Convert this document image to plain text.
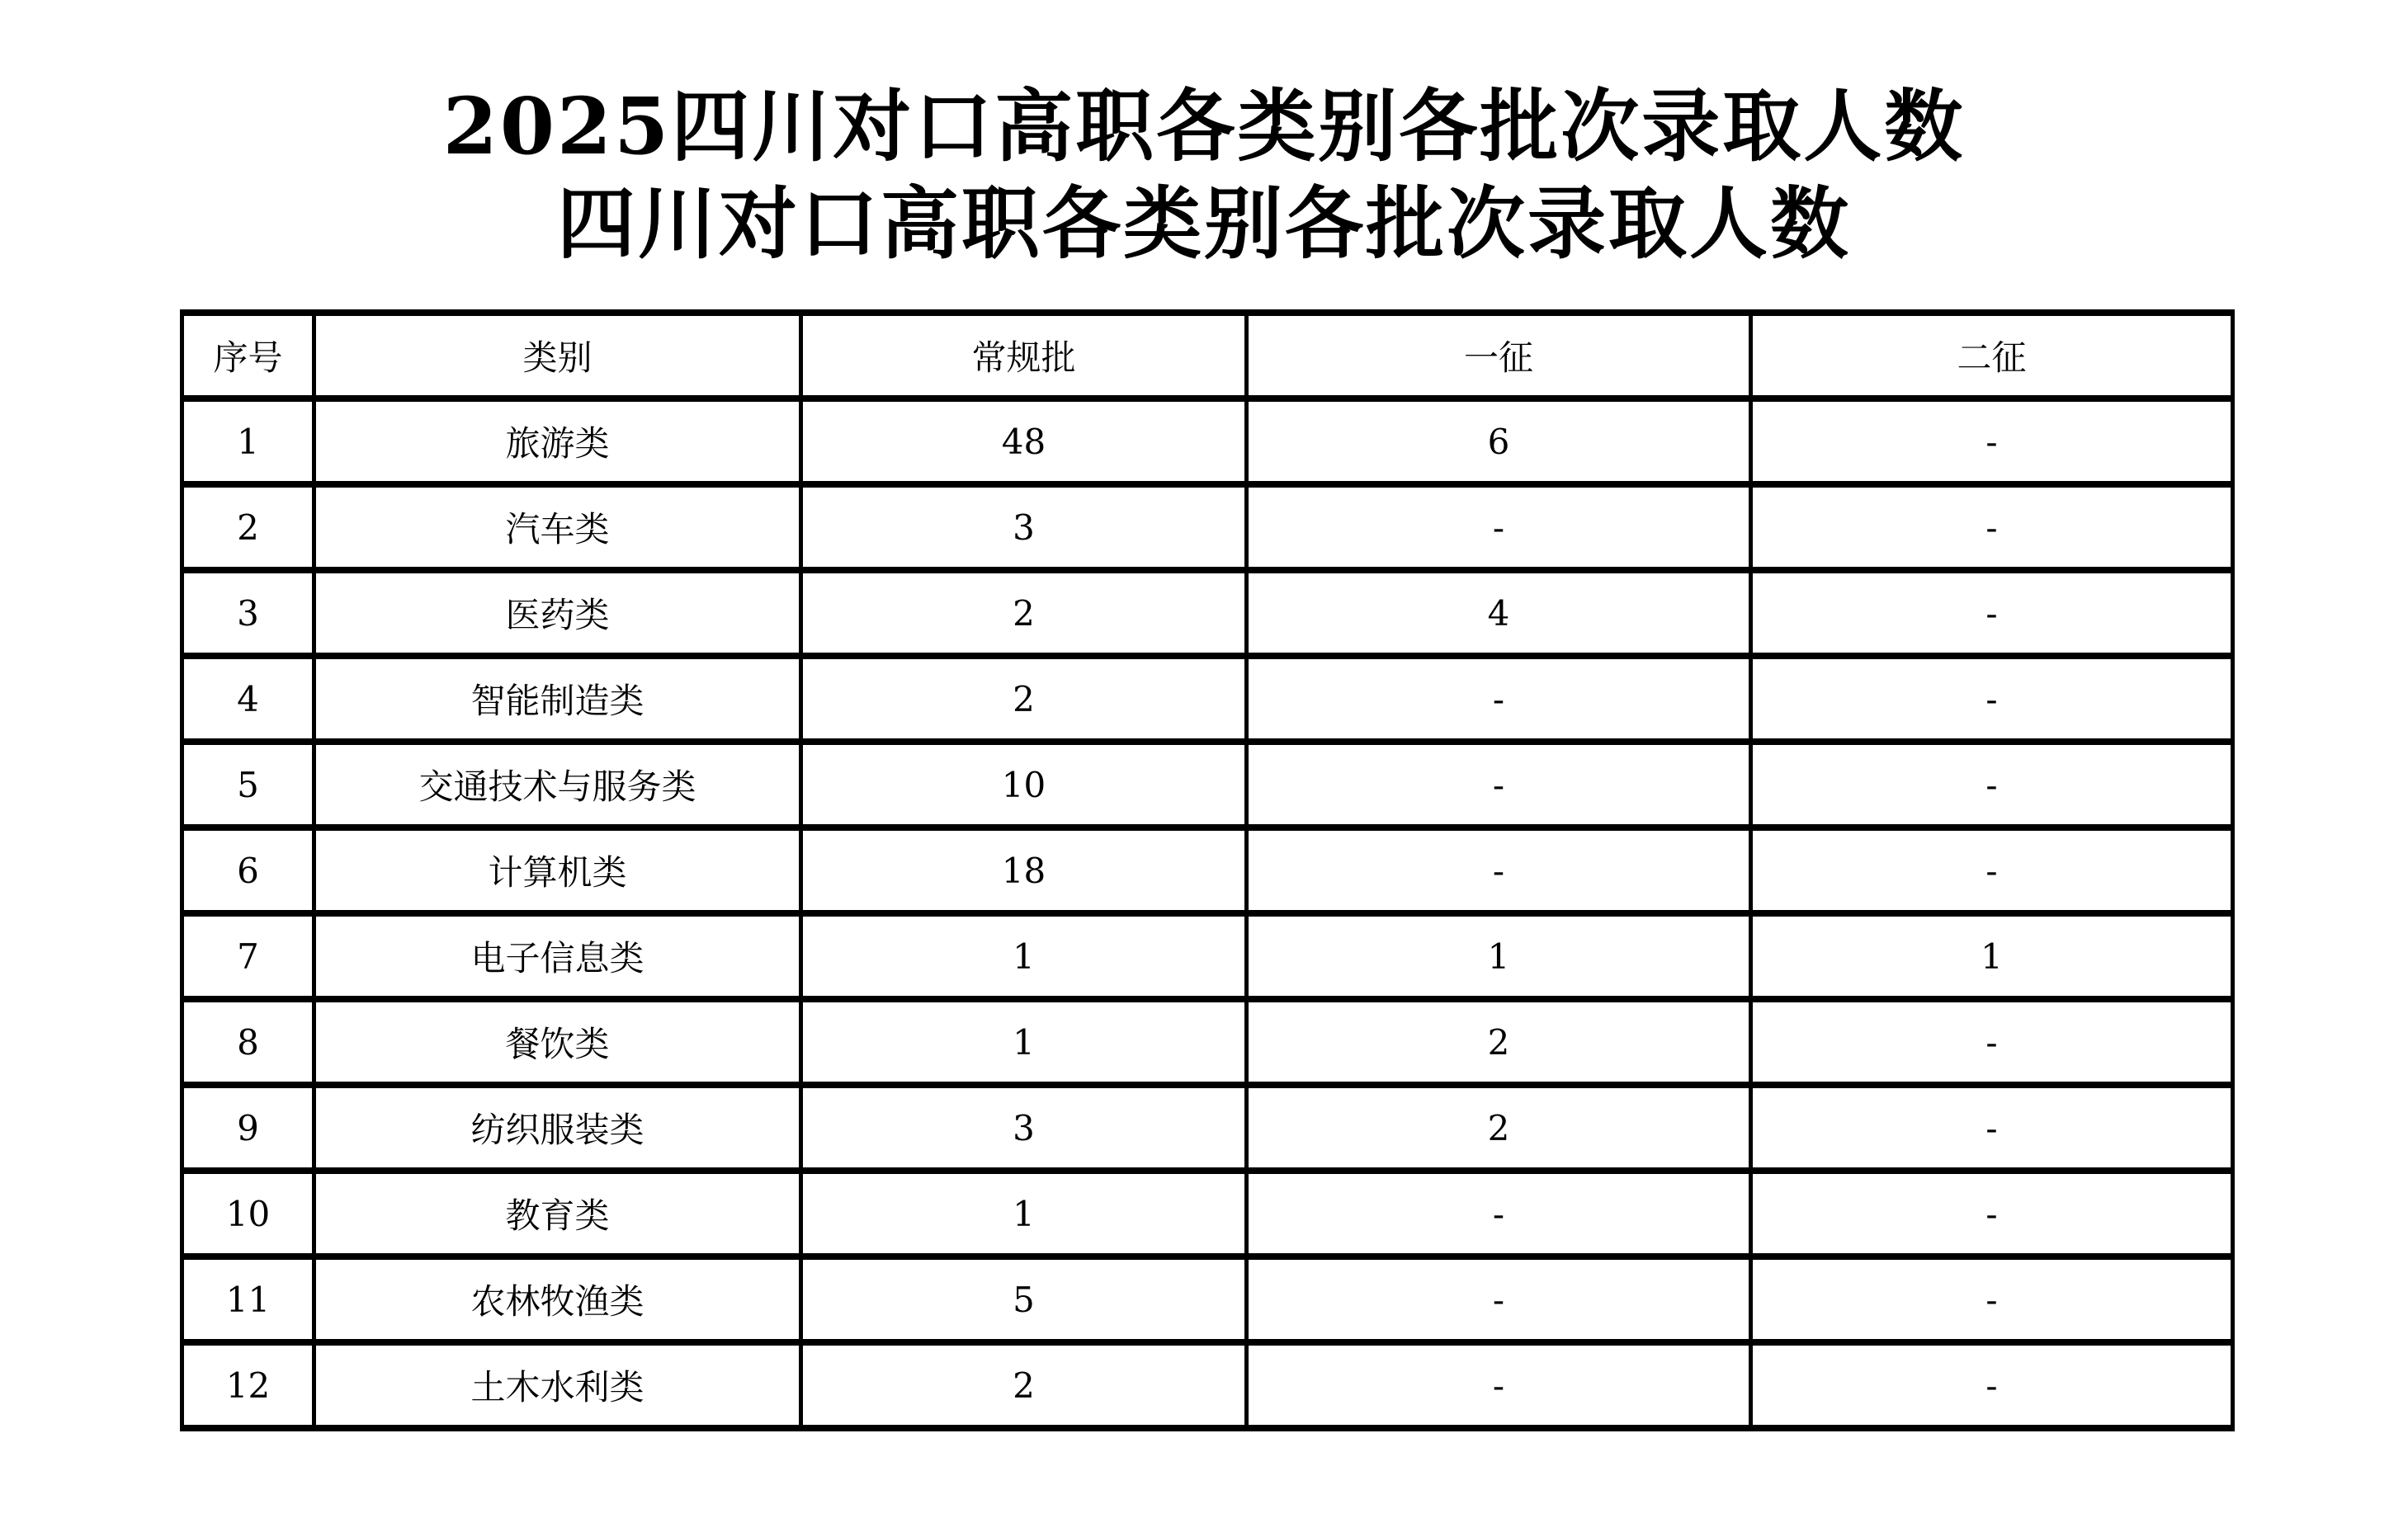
2025四川对口高职各类别各批次录取人数
四川对口高职各类别各批次录取人数
序号	类别	常规批	一征	二征
1	旅游类	48	6	-
2	汽车类	3	-	-
3	医药类	2	4	-
4	智能制造类	2	-	-
5	交通技术与服务类	10	-	-
6	计算机类	18	-	-
7	电子信息类	1	1	1
8	餐饮类	1	2	-
9	纺织服装类	3	2	-
10	教育类	1	-	-
11	农林牧渔类	5	-	-
12	土木水利类	2	-	-
